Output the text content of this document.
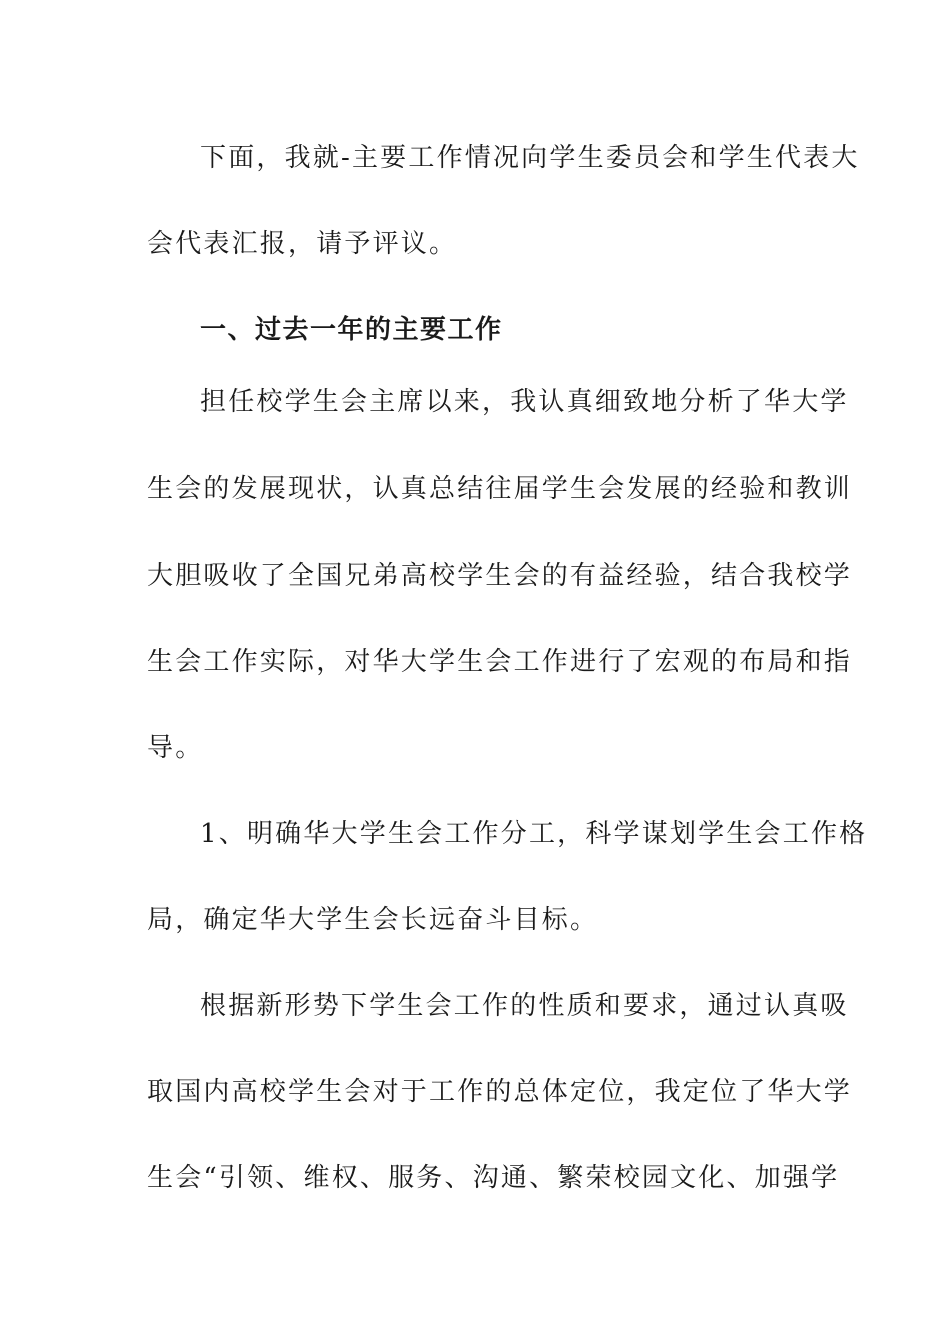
下面，我就-主要工作情况向学生委员会和学生代表大
会代表汇报，请予评议。
一、过去一年的主要工作
担任校学生会主席以来，我认真细致地分析了华大学
生会的发展现状，认真总结往届学生会发展的经验和教训
大胆吸收了全国兄弟高校学生会的有益经验，结合我校学
生会工作实际，对华大学生会工作进行了宏观的布局和指
导。
1、明确华大学生会工作分工，科学谋划学生会工作格
局，确定华大学生会长远奋斗目标。
根据新形势下学生会工作的性质和要求，通过认真吸
取国内高校学生会对于工作的总体定位，我定位了华大学
生会“引领、维权、服务、沟通、繁荣校园文化、加强学
